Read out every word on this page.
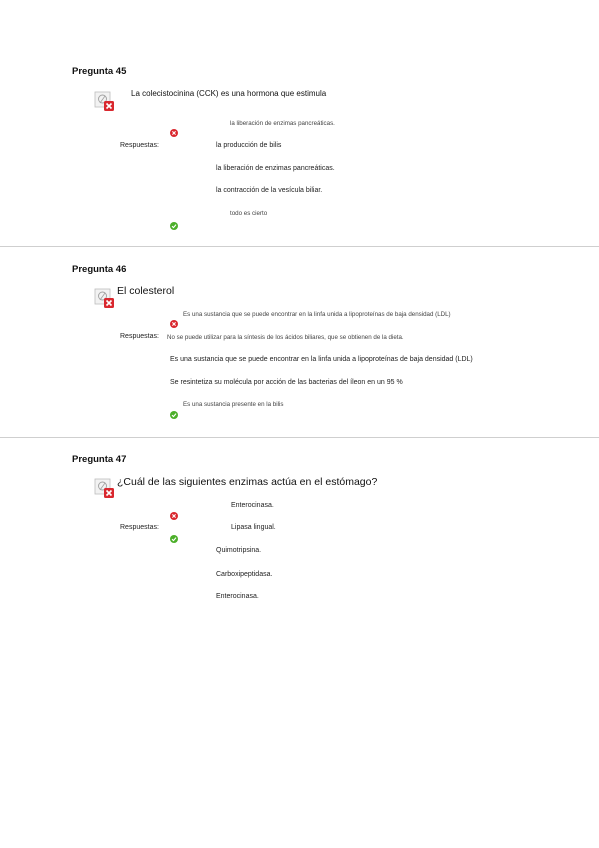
Pregunta 45
La colecistocinina (CCK) es una hormona que estimula
la liberación de enzimas pancreáticas.
Respuestas:	la producción de bilis
la liberación de enzimas pancreáticas.
la contracción de la vesícula biliar.
todo es cierto
Pregunta 46
El colesterol
Es una sustancia que se puede encontrar en la linfa unida a lipoproteínas de baja densidad (LDL)
Respuestas: No se puede utilizar para la síntesis de los ácidos biliares, que se obtienen de la dieta.
Es una sustancia que se puede encontrar en la linfa unida a lipoproteínas de baja densidad (LDL)
Se resintetiza su molécula por acción de las bacterias del íleon en un 95 %
Es una sustancia presente en la bilis
Pregunta 47
¿Cuál de las siguientes enzimas actúa en el estómago?
Enterocinasa.
Respuestas:	Lipasa lingual.
Quimotripsina.
Carboxipeptidasa.
Enterocinasa.
